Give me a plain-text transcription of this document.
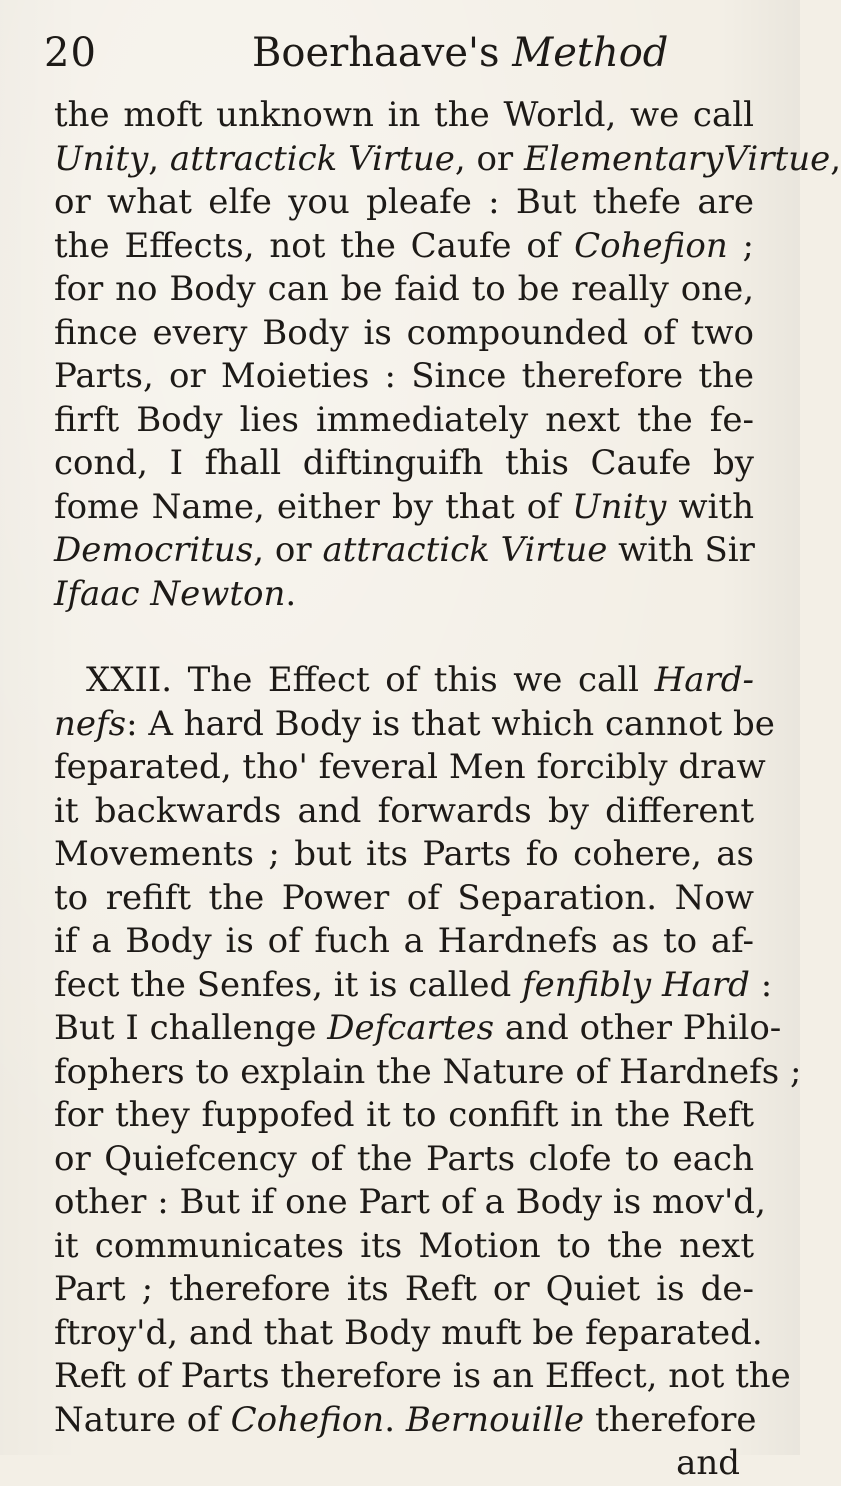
20	Boerhaave's Method
the moft unknown in the World, we call
Unity, attractick Virtue, or ElementaryVirtue,
or what elfe you pleafe : But thefe are
the Effects, not the Caufe of Cohefion ;
for no Body can be faid to be really one,
fince every Body is compounded of two
Parts, or Moieties : Since therefore the
firft Body lies immediately next the fe-
cond, I fhall diftinguifh this Caufe by
fome Name, either by that of Unity with
Democritus, or attractick Virtue with Sir
Ifaac Newton.
XXII. The Effect of this we call Hard-
nefs: A hard Body is that which cannot be
feparated, tho' feveral Men forcibly draw
it backwards and forwards by different
Movements ; but its Parts fo cohere, as
to refift the Power of Separation. Now
if a Body is of fuch a Hardnefs as to af-
fect the Senfes, it is called fenfibly Hard :
But I challenge Defcartes and other Philo-
fophers to explain the Nature of Hardnefs ;
for they fuppofed it to confift in the Reft
or Quiefcency of the Parts clofe to each
other : But if one Part of a Body is mov'd,
it communicates its Motion to the next
Part ; therefore its Reft or Quiet is de-
ftroy'd, and that Body muft be feparated.
Reft of Parts therefore is an Effect, not the
Nature of Cohefion. Bernouille therefore
and
